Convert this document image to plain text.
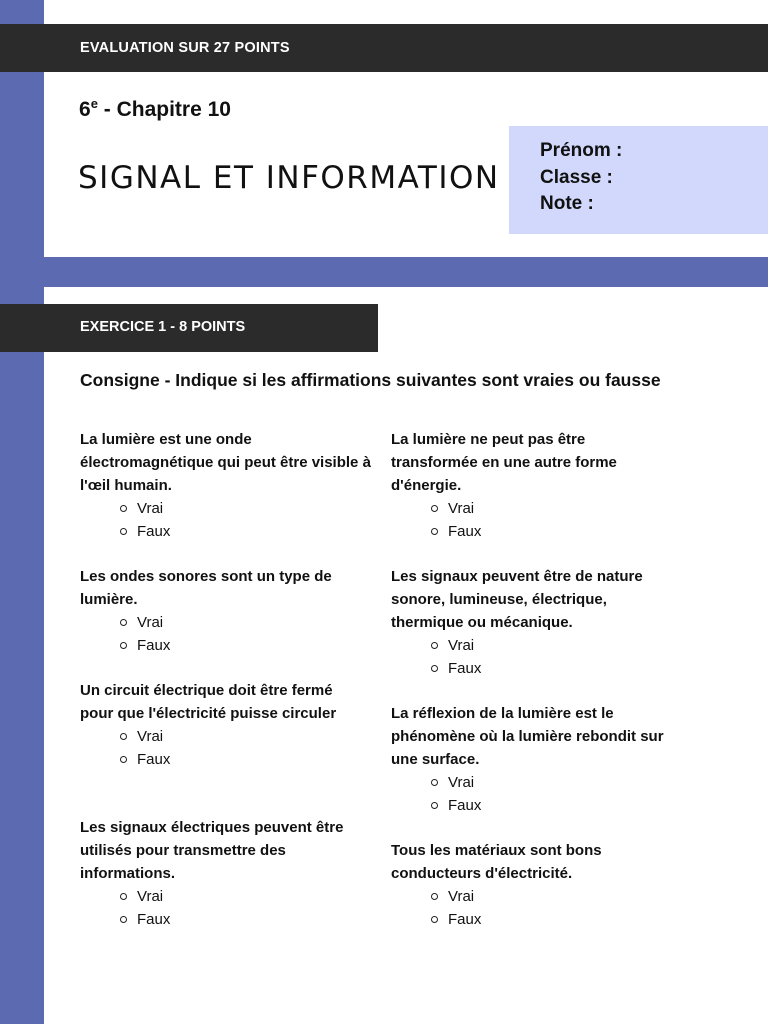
EVALUATION SUR 27 POINTS
6e - Chapitre 10
SIGNAL ET INFORMATION
Prénom :
Classe :
Note :
EXERCICE 1 - 8 POINTS
Consigne - Indique si les affirmations suivantes sont vraies ou fausse
La lumière est une onde électromagnétique qui peut être visible à l'œil humain.
Vrai
Faux
Les ondes sonores sont un type de lumière.
Vrai
Faux
Un circuit électrique doit être fermé pour que l'électricité puisse circuler
Vrai
Faux
Les signaux électriques peuvent être utilisés pour transmettre des informations.
Vrai
Faux
La lumière ne peut pas être transformée en une autre forme d'énergie.
Vrai
Faux
Les signaux peuvent être de nature sonore, lumineuse, électrique, thermique ou mécanique.
Vrai
Faux
La réflexion de la lumière est le phénomène où la lumière rebondit sur une surface.
Vrai
Faux
Tous les matériaux sont bons conducteurs d'électricité.
Vrai
Faux
